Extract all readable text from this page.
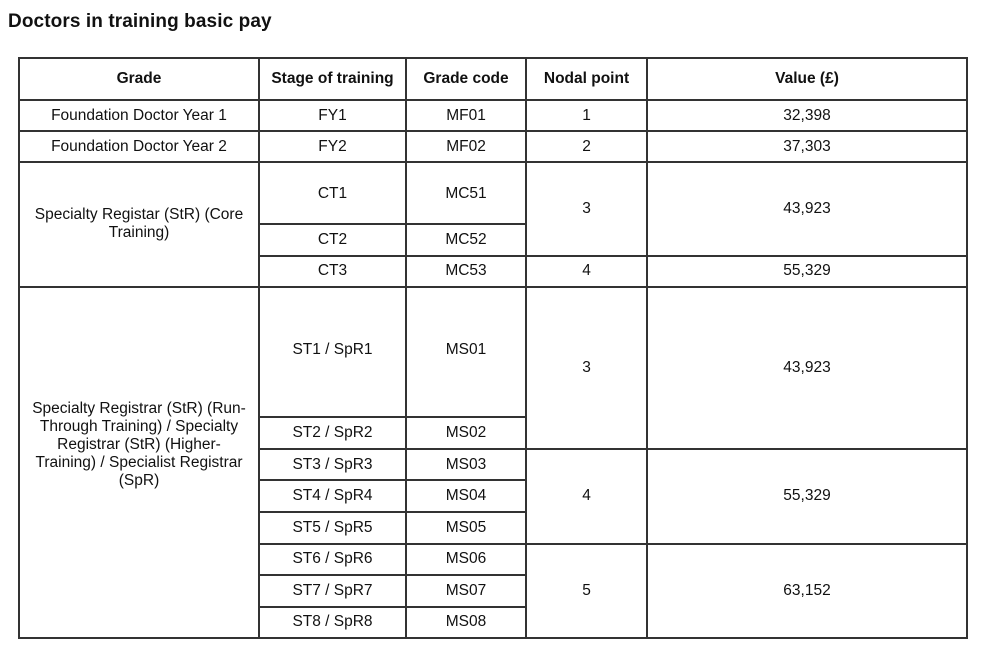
Doctors in training basic pay
Grade	Stage of training	Grade code	Nodal point	Value (£)
Foundation Doctor Year 1	FY1	MF01	1	32,398
Foundation Doctor Year 2	FY2	MF02	2	37,303
Specialty Registar (StR) (Core Training)	CT1	MC51	3	43,923
	CT2	MC52		
	CT3	MC53	4	55,329
Specialty Registrar (StR) (Run-Through Training) / Specialty Registrar (StR) (Higher-Training) / Specialist Registrar (SpR)	ST1 / SpR1	MS01	3	43,923
	ST2 / SpR2	MS02		
	ST3 / SpR3	MS03	4	55,329
	ST4 / SpR4	MS04		
	ST5 / SpR5	MS05		
	ST6 / SpR6	MS06	5	63,152
	ST7 / SpR7	MS07		
	ST8 / SpR8	MS08		
